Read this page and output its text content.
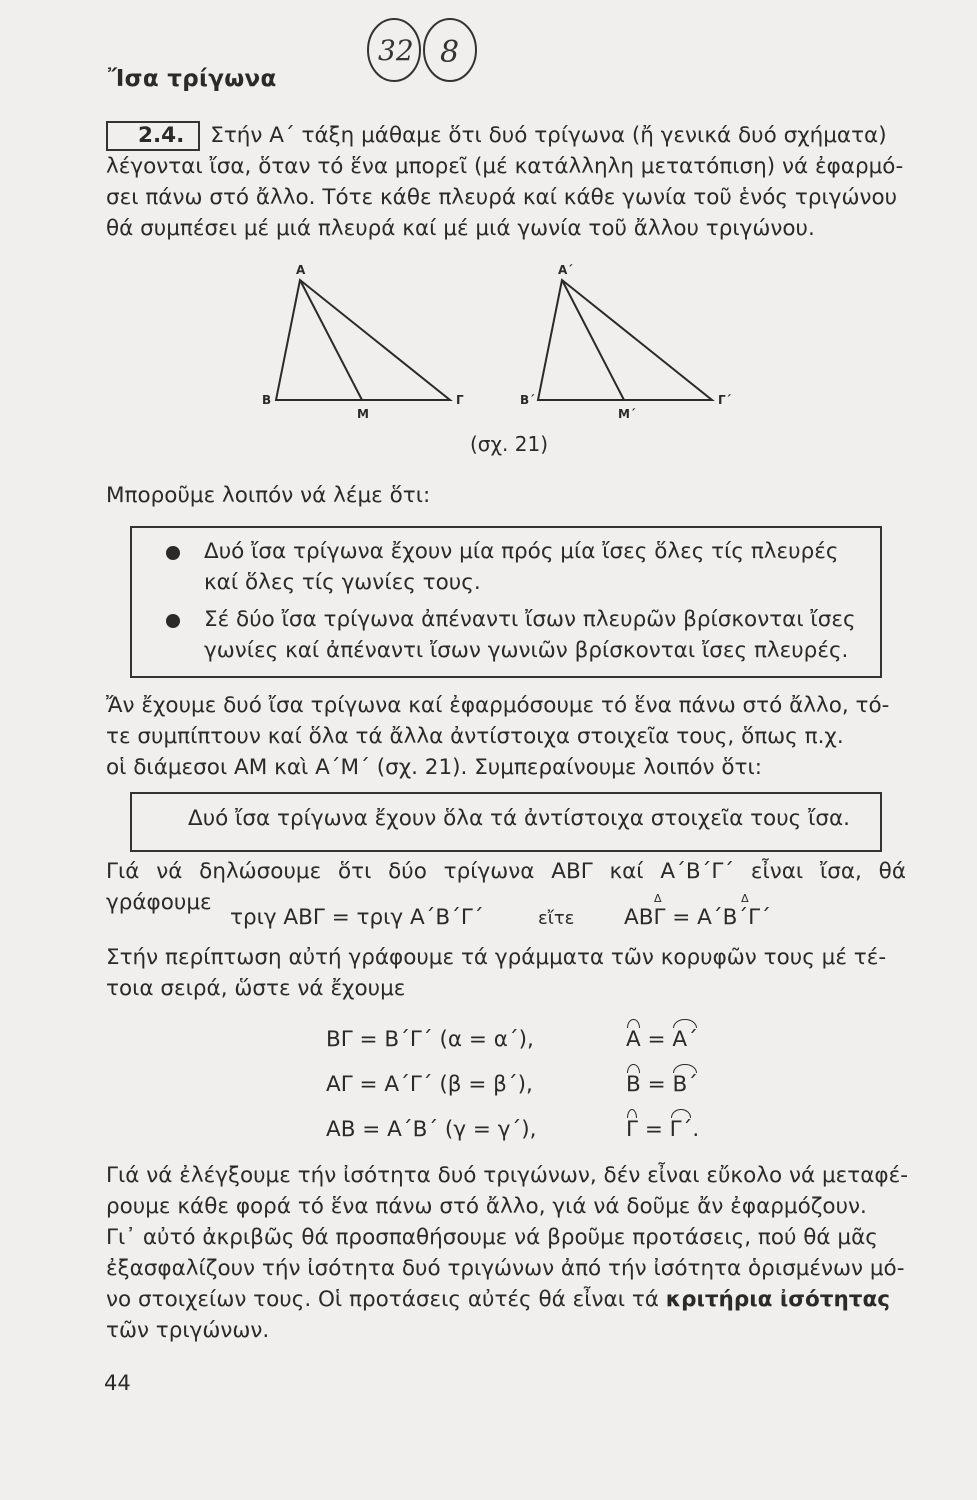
32 8
Ἴσα τρίγωνα
2.4. Στήν Α΄ τάξη μάθαμε ὅτι δυό τρίγωνα (ἤ γενικά δυό σχήματα)
λέγονται ἴσα, ὅταν τό ἕνα μπορεῖ (μέ κατάλληλη μετατόπιση) νά ἐφαρμό-
σει πάνω στό ἄλλο. Τότε κάθε πλευρά καί κάθε γωνία τοῦ ἑνός τριγώνου
θά συμπέσει μέ μιά πλευρά καί μέ μιά γωνία τοῦ ἄλλου τριγώνου.
Α
Β	Γ
Μ
Α΄
Β΄	Γ΄
Μ΄
(σχ. 21)
Μποροῦμε λοιπόν νά λέμε ὅτι:
Δυό ἴσα τρίγωνα ἔχουν μία πρός μία ἴσες ὅλες τίς πλευρές
καί ὅλες τίς γωνίες τους.
Σέ δύο ἴσα τρίγωνα ἀπέναντι ἴσων πλευρῶν βρίσκονται ἴσες
γωνίες καί ἀπέναντι ἴσων γωνιῶν βρίσκονται ἴσες πλευρές.
Ἄν ἔχουμε δυό ἴσα τρίγωνα καί ἐφαρμόσουμε τό ἕνα πάνω στό ἄλλο, τό-
τε συμπίπτουν καί ὅλα τά ἄλλα ἀντίστοιχα στοιχεῖα τους, ὅπως π.χ.
οἱ διάμεσοι ΑΜ καὶ Α΄Μ΄ (σχ. 21). Συμπεραίνουμε λοιπόν ὅτι:
Δυό ἴσα τρίγωνα ἔχουν ὅλα τά ἀντίστοιχα στοιχεῖα τους ἴσα.
Γιά νά δηλώσουμε ὅτι δύο τρίγωνα ΑΒΓ καί Α΄Β΄Γ΄ εἶναι ἴσα, θά γράφουμε
τριγ ΑΒΓ = τριγ Α΄Β΄Γ΄	εἴτε
Δ
ΑΒΓ =
Δ
Α΄Β΄Γ΄
Στήν περίπτωση αὐτή γράφουμε τά γράμματα τῶν κορυφῶν τους μέ τέ-
τοια σειρά, ὥστε νά ἔχουμε
ΒΓ = Β΄Γ΄ (α = α΄),	Α = Α΄
ΑΓ = Α΄Γ΄ (β = β΄),	Β = Β΄
ΑΒ = Α΄Β΄ (γ = γ΄),	Γ = Γ΄.
Γιά νά ἐλέγξουμε τήν ἰσότητα δυό τριγώνων, δέν εἶναι εὔκολο νά μεταφέ-
ρουμε κάθε φορά τό ἕνα πάνω στό ἄλλο, γιά νά δοῦμε ἄν ἐφαρμόζουν.
Γι᾿ αὐτό ἀκριβῶς θά προσπαθήσουμε νά βροῦμε προτάσεις, πού θά μᾶς
ἐξασφαλίζουν τήν ἰσότητα δυό τριγώνων ἀπό τήν ἰσότητα ὁρισμένων μό-
νο στοιχείων τους. Οἱ προτάσεις αὐτές θά εἶναι τά κριτήρια ἰσότητας
τῶν τριγώνων.
44
